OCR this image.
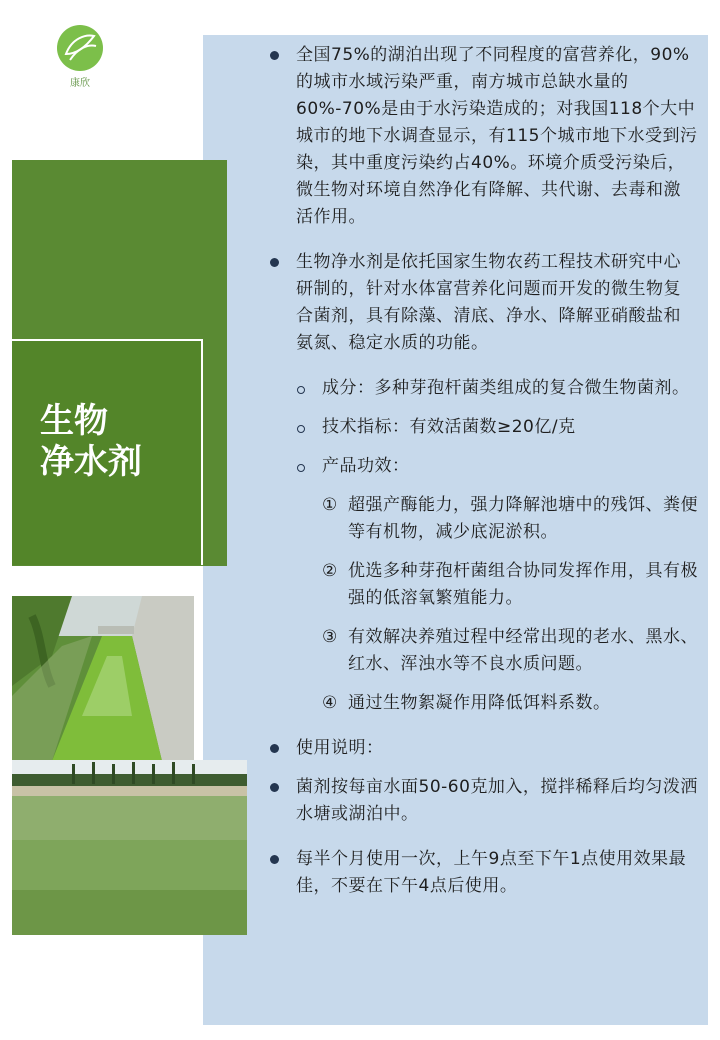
康欣
生物
净水剂
全国75%的湖泊出现了不同程度的富营养化，90%的城市水域污染严重，南方城市总缺水量的60%-70%是由于水污染造成的；对我国118个大中城市的地下水调查显示，有115个城市地下水受到污染，其中重度污染约占40%。环境介质受污染后，微生物对环境自然净化有降解、共代谢、去毒和激活作用。
生物净水剂是依托国家生物农药工程技术研究中心研制的，针对水体富营养化问题而开发的微生物复合菌剂，具有除藻、清底、净水、降解亚硝酸盐和氨氮、稳定水质的功能。
成分：多种芽孢杆菌类组成的复合微生物菌剂。
技术指标：有效活菌数≥20亿/克
产品功效：
① 超强产酶能力，强力降解池塘中的残饵、粪便等有机物，减少底泥淤积。
② 优选多种芽孢杆菌组合协同发挥作用，具有极强的低溶氧繁殖能力。
③ 有效解决养殖过程中经常出现的老水、黑水、红水、浑浊水等不良水质问题。
④ 通过生物絮凝作用降低饵料系数。
使用说明：
菌剂按每亩水面50-60克加入，搅拌稀释后均匀泼洒水塘或湖泊中。
每半个月使用一次，上午9点至下午1点使用效果最佳，不要在下午4点后使用。
